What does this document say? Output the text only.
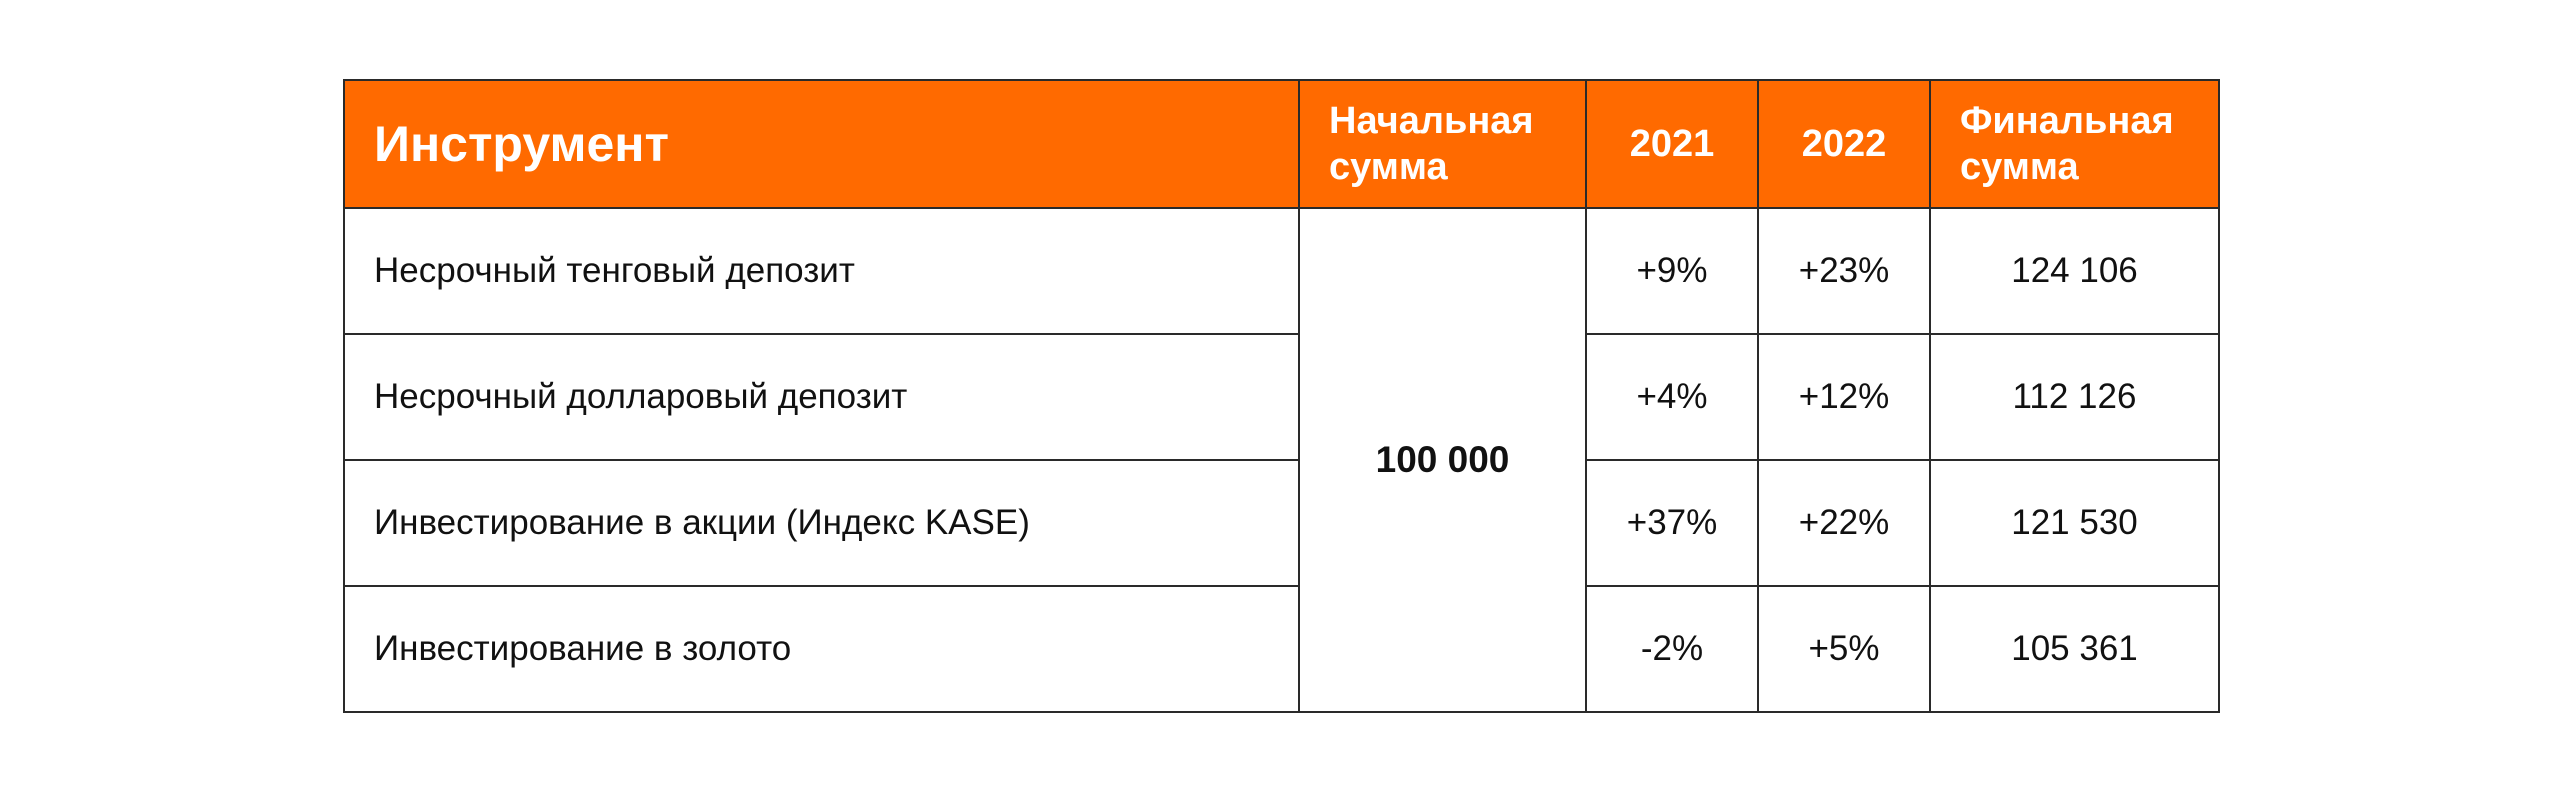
Инструмент	Начальная сумма	2021	2022	Финальная сумма
Несрочный тенговый депозит	100 000	+9%	+23%	124 106
Несрочный долларовый депозит		+4%	+12%	112 126
Инвестирование в акции (Индекс KASE)		+37%	+22%	121 530
Инвестирование в золото		-2%	+5%	105 361
